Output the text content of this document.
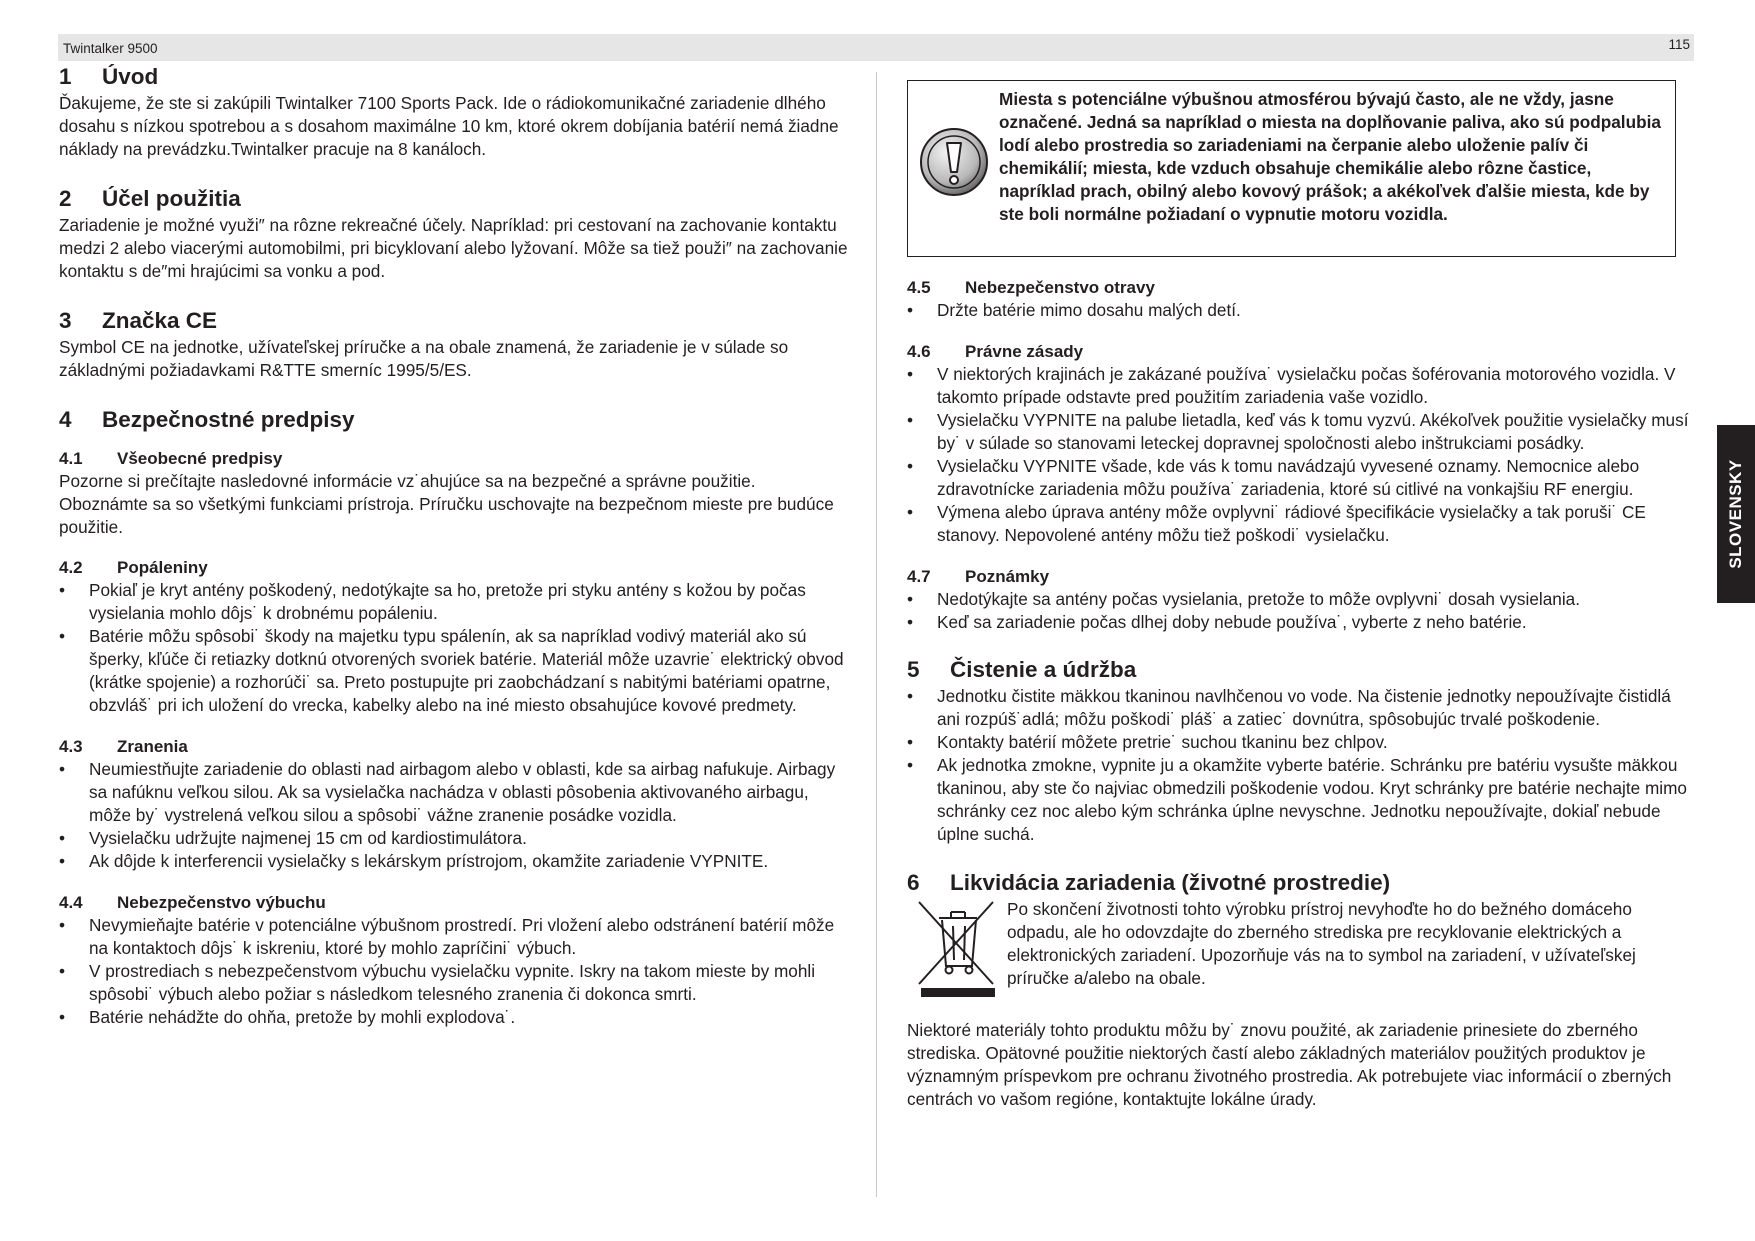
Twintalker 9500	115
SLOVENSKY
1 Úvod

Ďakujeme, že ste si zakúpili Twintalker 7100 Sports Pack. Ide o rádiokomunikačné zariadenie dlhého dosahu s nízkou spotrebou a s dosahom maximálne 10 km, ktoré okrem dobíjania batérií nemá žiadne náklady na prevádzku.Twintalker pracuje na 8 kanáloch.

2 Účel použitia

Zariadenie je možné využi″ na rôzne rekreačné účely. Napríklad: pri cestovaní na zachovanie kontaktu medzi 2 alebo viacerými automobilmi, pri bicyklovaní alebo lyžovaní. Môže sa tiež použi″ na zachovanie kontaktu s de″mi hrajúcimi sa vonku a pod.

3 Značka CE

Symbol CE na jednotke, užívateľskej príručke a na obale znamená, že zariadenie je v súlade so základnými požiadavkami R&TTE smerníc 1995/5/ES.

4 Bezpečnostné predpisy
4.1 Všeobecné predpisy

Pozorne si prečítajte nasledovné informácie vz˙ahujúce sa na bezpečné a správne použitie. Oboznámte sa so všetkými funkciami prístroja. Príručku uschovajte na bezpečnom mieste pre budúce použitie.

4.2 Popáleniny
• Pokiaľ je kryt antény poškodený, nedotýkajte sa ho, pretože pri styku antény s kožou by počas vysielania mohlo dôjs˙ k drobnému popáleniu.
• Batérie môžu spôsobi˙ škody na majetku typu spálenín, ak sa napríklad vodivý materiál ako sú šperky, kľúče či retiazky dotknú otvorených svoriek batérie. Materiál môže uzavrie˙ elektrický obvod (krátke spojenie) a rozhorúči˙ sa. Preto postupujte pri zaobchádzaní s nabitými batériami opatrne, obzvláš˙ pri ich uložení do vrecka, kabelky alebo na iné miesto obsahujúce kovové predmety.
4.3 Zranenia
• Neumiestňujte zariadenie do oblasti nad airbagom alebo v oblasti, kde sa airbag nafukuje. Airbagy sa nafúknu veľkou silou. Ak sa vysielačka nachádza v oblasti pôsobenia aktivovaného airbagu, môže by˙ vystrelená veľkou silou a spôsobi˙ vážne zranenie posádke vozidla.
• Vysielačku udržujte najmenej 15 cm od kardiostimulátora.
• Ak dôjde k interferencii vysielačky s lekárskym prístrojom, okamžite zariadenie VYPNITE.
4.4 Nebezpečenstvo výbuchu
• Nevymieňajte batérie v potenciálne výbušnom prostredí. Pri vložení alebo odstránení batérií môže na kontaktoch dôjs˙ k iskreniu, ktoré by mohlo zapríčini˙ výbuch.
• V prostrediach s nebezpečenstvom výbuchu vysielačku vypnite. Iskry na takom mieste by mohli spôsobi˙ výbuch alebo požiar s následkom telesného zranenia či dokonca smrti.
• Batérie nehádžte do ohňa, pretože by mohli explodova˙.
Miesta s potenciálne výbušnou atmosférou bývajú často, ale ne vždy, jasne označené. Jedná sa napríklad o miesta na doplňovanie paliva, ako sú podpalubia lodí alebo prostredia so zariadeniami na čerpanie alebo uloženie palív či chemikálií; miesta, kde vzduch obsahuje chemikálie alebo rôzne častice, napríklad prach, obilný alebo kovový prášok; a akékoľvek ďalšie miesta, kde by ste boli normálne požiadaní o vypnutie motoru vozidla.
4.5 Nebezpečenstvo otravy
• Držte batérie mimo dosahu malých detí.
4.6 Právne zásady
• V niektorých krajinách je zakázané používa˙ vysielačku počas šoférovania motorového vozidla. V takomto prípade odstavte pred použitím zariadenia vaše vozidlo.
• Vysielačku VYPNITE na palube lietadla, keď vás k tomu vyzvú. Akékoľvek použitie vysielačky musí by˙ v súlade so stanovami leteckej dopravnej spoločnosti alebo inštrukciami posádky.
• Vysielačku VYPNITE všade, kde vás k tomu navádzajú vyvesené oznamy. Nemocnice alebo zdravotnícke zariadenia môžu používa˙ zariadenia, ktoré sú citlivé na vonkajšiu RF energiu.
• Výmena alebo úprava antény môže ovplyvni˙ rádiové špecifikácie vysielačky a tak poruši˙ CE stanovy. Nepovolené antény môžu tiež poškodi˙ vysielačku.
4.7 Poznámky
• Nedotýkajte sa antény počas vysielania, pretože to môže ovplyvni˙ dosah vysielania.
• Keď sa zariadenie počas dlhej doby nebude používa˙, vyberte z neho batérie.
5 Čistenie a údržba
• Jednotku čistite mäkkou tkaninou navlhčenou vo vode. Na čistenie jednotky nepoužívajte čistidlá ani rozpúš˙adlá; môžu poškodi˙ pláš˙ a zatiec˙ dovnútra, spôsobujúc trvalé poškodenie.
• Kontakty batérií môžete pretrie˙ suchou tkaninu bez chlpov.
• Ak jednotka zmokne, vypnite ju a okamžite vyberte batérie. Schránku pre batériu vysušte mäkkou tkaninou, aby ste čo najviac obmedzili poškodenie vodou. Kryt schránky pre batérie nechajte mimo schránky cez noc alebo kým schránka úplne nevyschne. Jednotku nepoužívajte, dokiaľ nebude úplne suchá.
6 Likvidácia zariadenia (životné prostredie)

Po skončení životnosti tohto výrobku prístroj nevyhoďte ho do bežného domáceho odpadu, ale ho odovzdajte do zberného strediska pre recyklovanie elektrických a elektronických zariadení. Upozorňuje vás na to symbol na zariadení, v užívateľskej príručke a/alebo na obale.

Niektoré materiály tohto produktu môžu by˙ znovu použité, ak zariadenie prinesiete do zberného strediska. Opätovné použitie niektorých častí alebo základných materiálov použitých produktov je významným príspevkom pre ochranu životného prostredia. Ak potrebujete viac informácií o zberných centrách vo vašom regióne, kontaktujte lokálne úrady.
